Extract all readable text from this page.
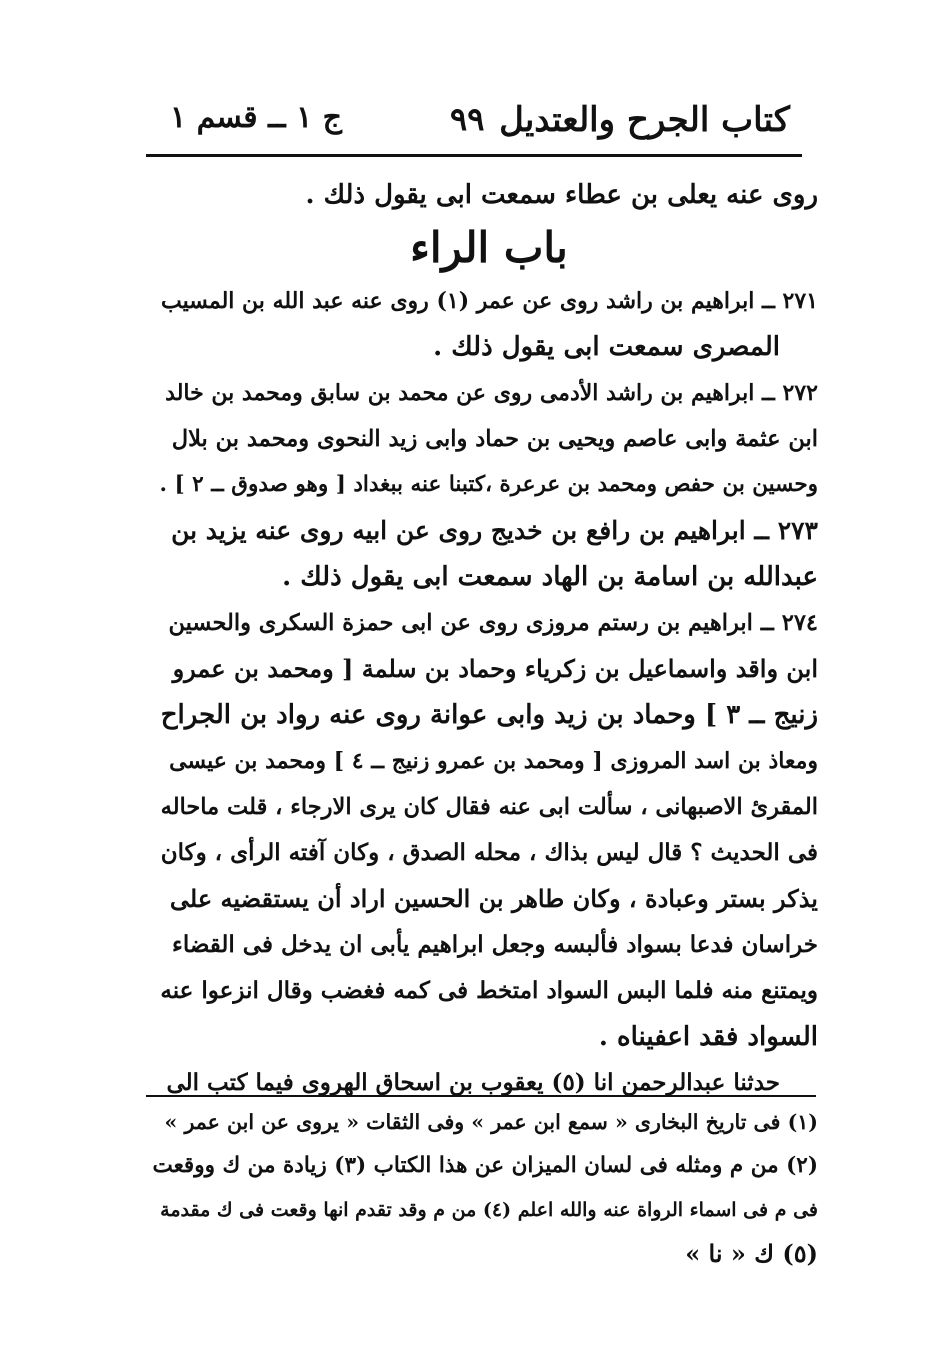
كتاب الجرح والعتديل
٩٩
ج ١ ــ قسم ١
روى عنه يعلى بن عطاء سمعت ابى يقول ذلك .
باب الراء
٢٧١ ــ ابراهيم بن راشد روى عن عمر (١) روى عنه عبد الله بن المسيب
المصرى سمعت ابى يقول ذلك .
٢٧٢ ــ ابراهيم بن راشد الأدمى روى عن محمد بن سابق ومحمد بن خالد
ابن عثمة وابى عاصم ويحيى بن حماد وابى زيد النحوى ومحمد بن بلال
وحسين بن حفص ومحمد بن عرعرة ،كتبنا عنه ببغداد [ وهو صدوق ــ ٢ ] .
٢٧٣ ــ ابراهيم بن رافع بن خديج روى عن ابيه روى عنه يزيد بن
عبدالله بن اسامة بن الهاد سمعت ابى يقول ذلك .
٢٧٤ ــ ابراهيم بن رستم مروزى روى عن ابى حمزة السكرى والحسين
ابن واقد واسماعيل بن زكرياء وحماد بن سلمة [ ومحمد بن عمرو
زنيج ــ ٣ ] وحماد بن زيد وابى عوانة روى عنه رواد بن الجراح
ومعاذ بن اسد المروزى [ ومحمد بن عمرو زنيج ــ ٤ ] ومحمد بن عيسى
المقرئ الاصبهانى ، سألت ابى عنه فقال كان يرى الارجاء ، قلت ماحاله
فى الحديث ؟ قال ليس بذاك ، محله الصدق ، وكان آفته الرأى ، وكان
يذكر بستر وعبادة ، وكان طاهر بن الحسين اراد أن يستقضيه على
خراسان فدعا بسواد فألبسه وجعل ابراهيم يأبى ان يدخل فى القضاء
ويمتنع منه فلما البس السواد امتخط فى كمه فغضب وقال انزعوا عنه
السواد فقد اعفيناه .
حدثنا عبدالرحمن انا (٥) يعقوب بن اسحاق الهروى فيما كتب الى
(١) فى تاريخ البخارى « سمع ابن عمر » وفى الثقات « يروى عن ابن عمر »
(٢) من م ومثله فى لسان الميزان عن هذا الكتاب (٣) زيادة من ك ووقعت
فى م فى اسماء الرواة عنه والله اعلم (٤) من م وقد تقدم انها وقعت فى ك مقدمة
(٥) ك « نا »
